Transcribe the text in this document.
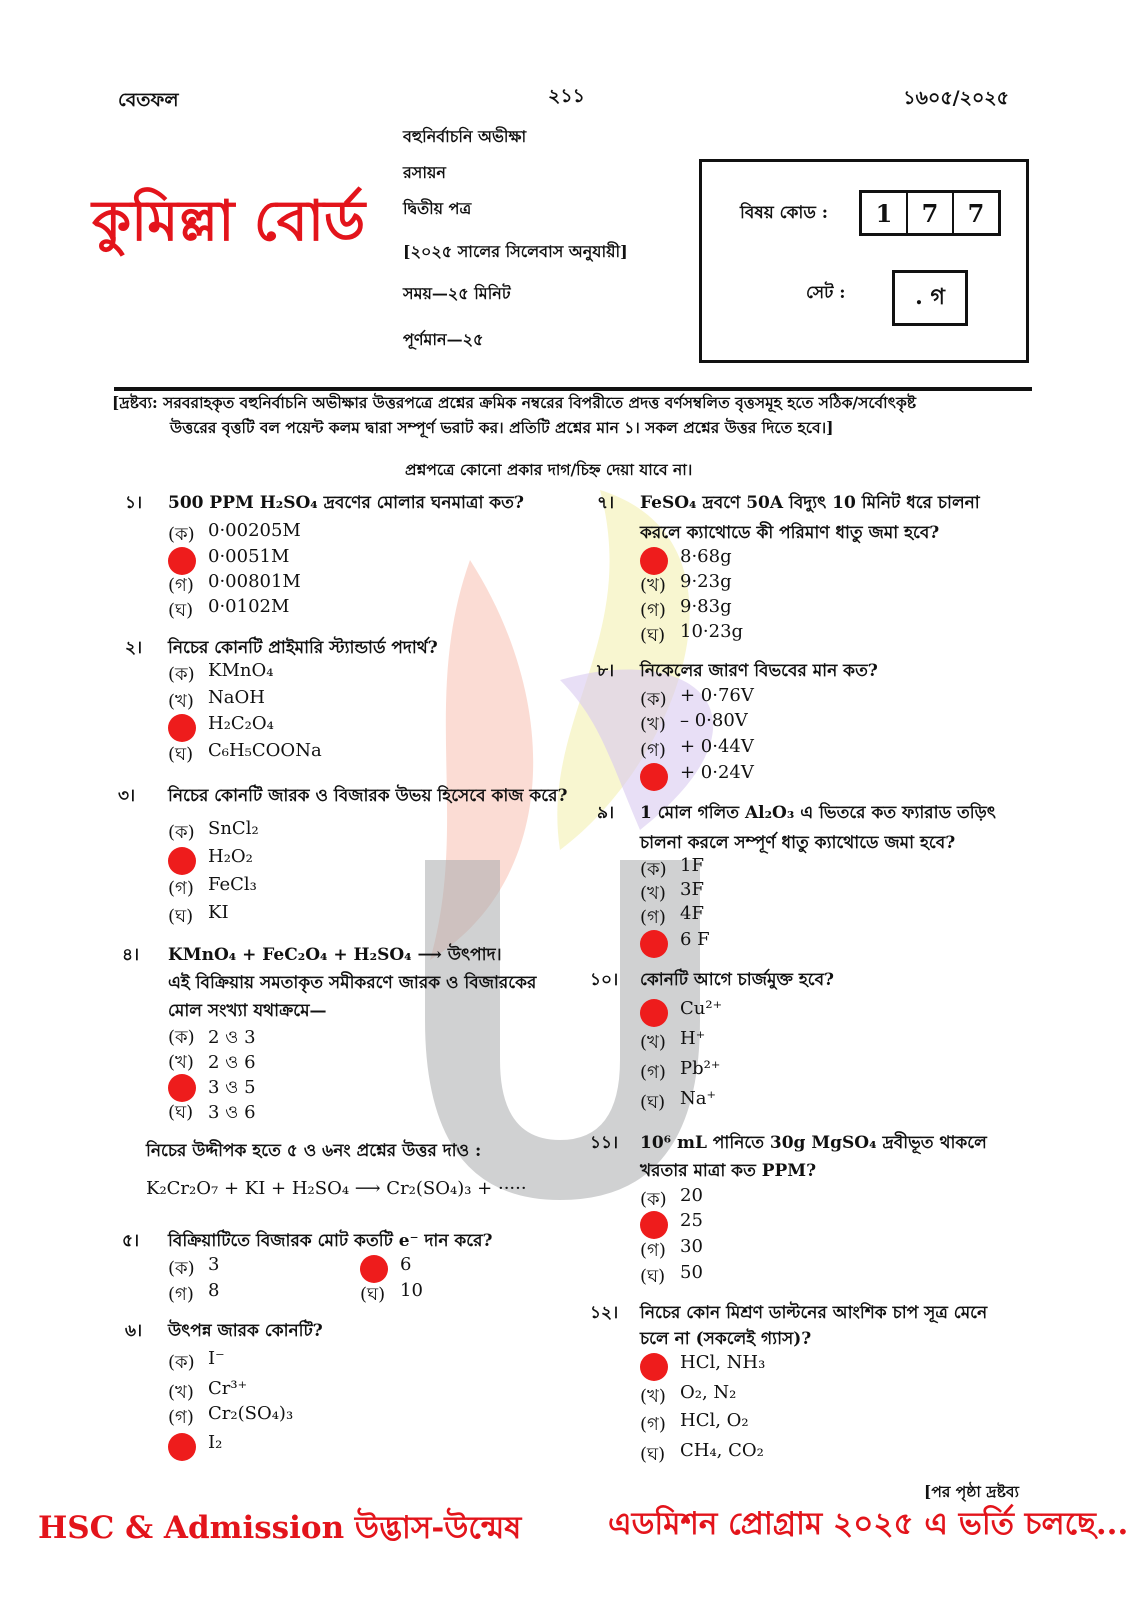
বেতফল	২১১	১৬০৫/২০২৫
কুমিল্লা বোর্ড
বহুনির্বাচনি অভীক্ষা
রসায়ন
দ্বিতীয় পত্র
[২০২৫ সালের সিলেবাস অনুযায়ী]
সময়—২৫ মিনিট
পূর্ণমান—২৫
বিষয় কোড :	1	7	7
সেট :	. গ
[দ্রষ্টব্য: সরবরাহকৃত বহুনির্বাচনি অভীক্ষার উত্তরপত্রে প্রশ্নের ক্রমিক নম্বরের বিপরীতে প্রদত্ত বর্ণসম্বলিত বৃত্তসমূহ হতে সঠিক/সর্বোৎকৃষ্ট
উত্তরের বৃত্তটি বল পয়েন্ট কলম দ্বারা সম্পূর্ণ ভরাট কর। প্রতিটি প্রশ্নের মান ১। সকল প্রশ্নের উত্তর দিতে হবে।]
প্রশ্নপত্রে কোনো প্রকার দাগ/চিহ্ন দেয়া যাবে না।
১। 500 PPM H₂SO₄ দ্রবণের মোলার ঘনমাত্রা কত?
(ক) 0·00205M
0·0051M
(গ) 0·00801M
(ঘ) 0·0102M
২। নিচের কোনটি প্রাইমারি স্ট্যান্ডার্ড পদার্থ?
(ক) KMnO₄
(খ) NaOH
H₂C₂O₄
(ঘ) C₆H₅COONa
৩। নিচের কোনটি জারক ও বিজারক উভয় হিসেবে কাজ করে?
(ক) SnCl₂
H₂O₂
(গ) FeCl₃
(ঘ) KI
৪। KMnO₄ + FeC₂O₄ + H₂SO₄ ⟶ উৎপাদ।
এই বিক্রিয়ায় সমতাকৃত সমীকরণে জারক ও বিজারকের
মোল সংখ্যা যথাক্রমে—
(ক) 2 ও 3
(খ) 2 ও 6
3 ও 5
(ঘ) 3 ও 6
৫। বিক্রিয়াটিতে বিজারক মোট কতটি e⁻ দান করে?
(ক) 3	6
(গ) 8	(ঘ) 10
৬। উৎপন্ন জারক কোনটি?
(ক) I⁻
(খ) Cr³⁺
(গ) Cr₂(SO₄)₃
I₂
৭। FeSO₄ দ্রবণে 50A বিদ্যুৎ 10 মিনিট ধরে চালনা
করলে ক্যাথোডে কী পরিমাণ ধাতু জমা হবে?
8·68g
(খ) 9·23g
(গ) 9·83g
(ঘ) 10·23g
৮। নিকেলের জারণ বিভবের মান কত?
(ক) + 0·76V
(খ) – 0·80V
(গ) + 0·44V
+ 0·24V
৯। 1 মোল গলিত Al₂O₃ এ ভিতরে কত ফ্যারাড তড়িৎ
চালনা করলে সম্পূর্ণ ধাতু ক্যাথোডে জমা হবে?
(ক) 1F
(খ) 3F
(গ) 4F
6 F
১০। কোনটি আগে চার্জমুক্ত হবে?
Cu²⁺
(খ) H⁺
(গ) Pb²⁺
(ঘ) Na⁺
১১। 10⁶ mL পানিতে 30g MgSO₄ দ্রবীভূত থাকলে
খরতার মাত্রা কত PPM?
(ক) 20
25
(গ) 30
(ঘ) 50
১২। নিচের কোন মিশ্রণ ডাল্টনের আংশিক চাপ সূত্র মেনে
চলে না (সকলেই গ্যাস)?
HCl, NH₃
(খ) O₂, N₂
(গ) HCl, O₂
(ঘ) CH₄, CO₂
নিচের উদ্দীপক হতে ৫ ও ৬নং প্রশ্নের উত্তর দাও :
K₂Cr₂O₇ + KI + H₂SO₄ ⟶ Cr₂(SO₄)₃ + ·····
[পর পৃষ্ঠা দ্রষ্টব্য
HSC & Admission উদ্ভাস-উন্মেষ	এডমিশন প্রোগ্রাম ২০২৫ এ ভর্তি চলছে...
